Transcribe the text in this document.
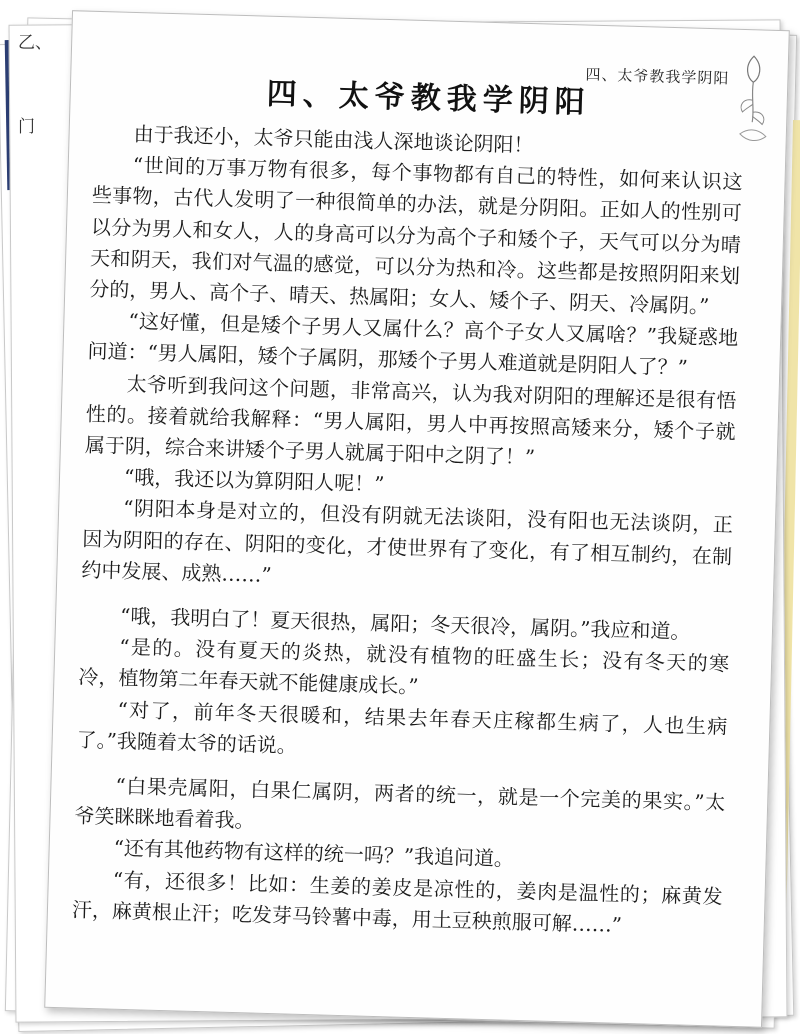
乙、
门
四、太爷教我学阴阳
四、太爷教我学阴阳

由于我还小，太爷只能由浅人深地谈论阴阳！

“世间的万事万物有很多，每个事物都有自己的特性，如何来认识这些事物，古代人发明了一种很简单的办法，就是分阴阳。正如人的性别可以分为男人和女人，人的身高可以分为高个子和矮个子，天气可以分为晴天和阴天，我们对气温的感觉，可以分为热和冷。这些都是按照阴阳来划分的，男人、高个子、晴天、热属阳；女人、矮个子、阴天、冷属阴。”

“这好懂，但是矮个子男人又属什么？高个子女人又属啥？”我疑惑地问道：“男人属阳，矮个子属阴，那矮个子男人难道就是阴阳人了？”

太爷听到我问这个问题，非常高兴，认为我对阴阳的理解还是很有悟性的。接着就给我解释：“男人属阳，男人中再按照高矮来分，矮个子就属于阴，综合来讲矮个子男人就属于阳中之阴了！”

“哦，我还以为算阴阳人呢！”

“阴阳本身是对立的，但没有阴就无法谈阳，没有阳也无法谈阴，正因为阴阳的存在、阴阳的变化，才使世界有了变化，有了相互制约，在制约中发展、成熟……”

“哦，我明白了！夏天很热，属阳；冬天很冷，属阴。”我应和道。

“是的。没有夏天的炎热，就没有植物的旺盛生长；没有冬天的寒冷，植物第二年春天就不能健康成长。”

“对了，前年冬天很暖和，结果去年春天庄稼都生病了，人也生病了。”我随着太爷的话说。

“白果壳属阳，白果仁属阴，两者的统一，就是一个完美的果实。”太爷笑眯眯地看着我。

“还有其他药物有这样的统一吗？”我追问道。

“有，还很多！比如：生姜的姜皮是凉性的，姜肉是温性的；麻黄发汗，麻黄根止汗；吃发芽马铃薯中毒，用土豆秧煎服可解……”
